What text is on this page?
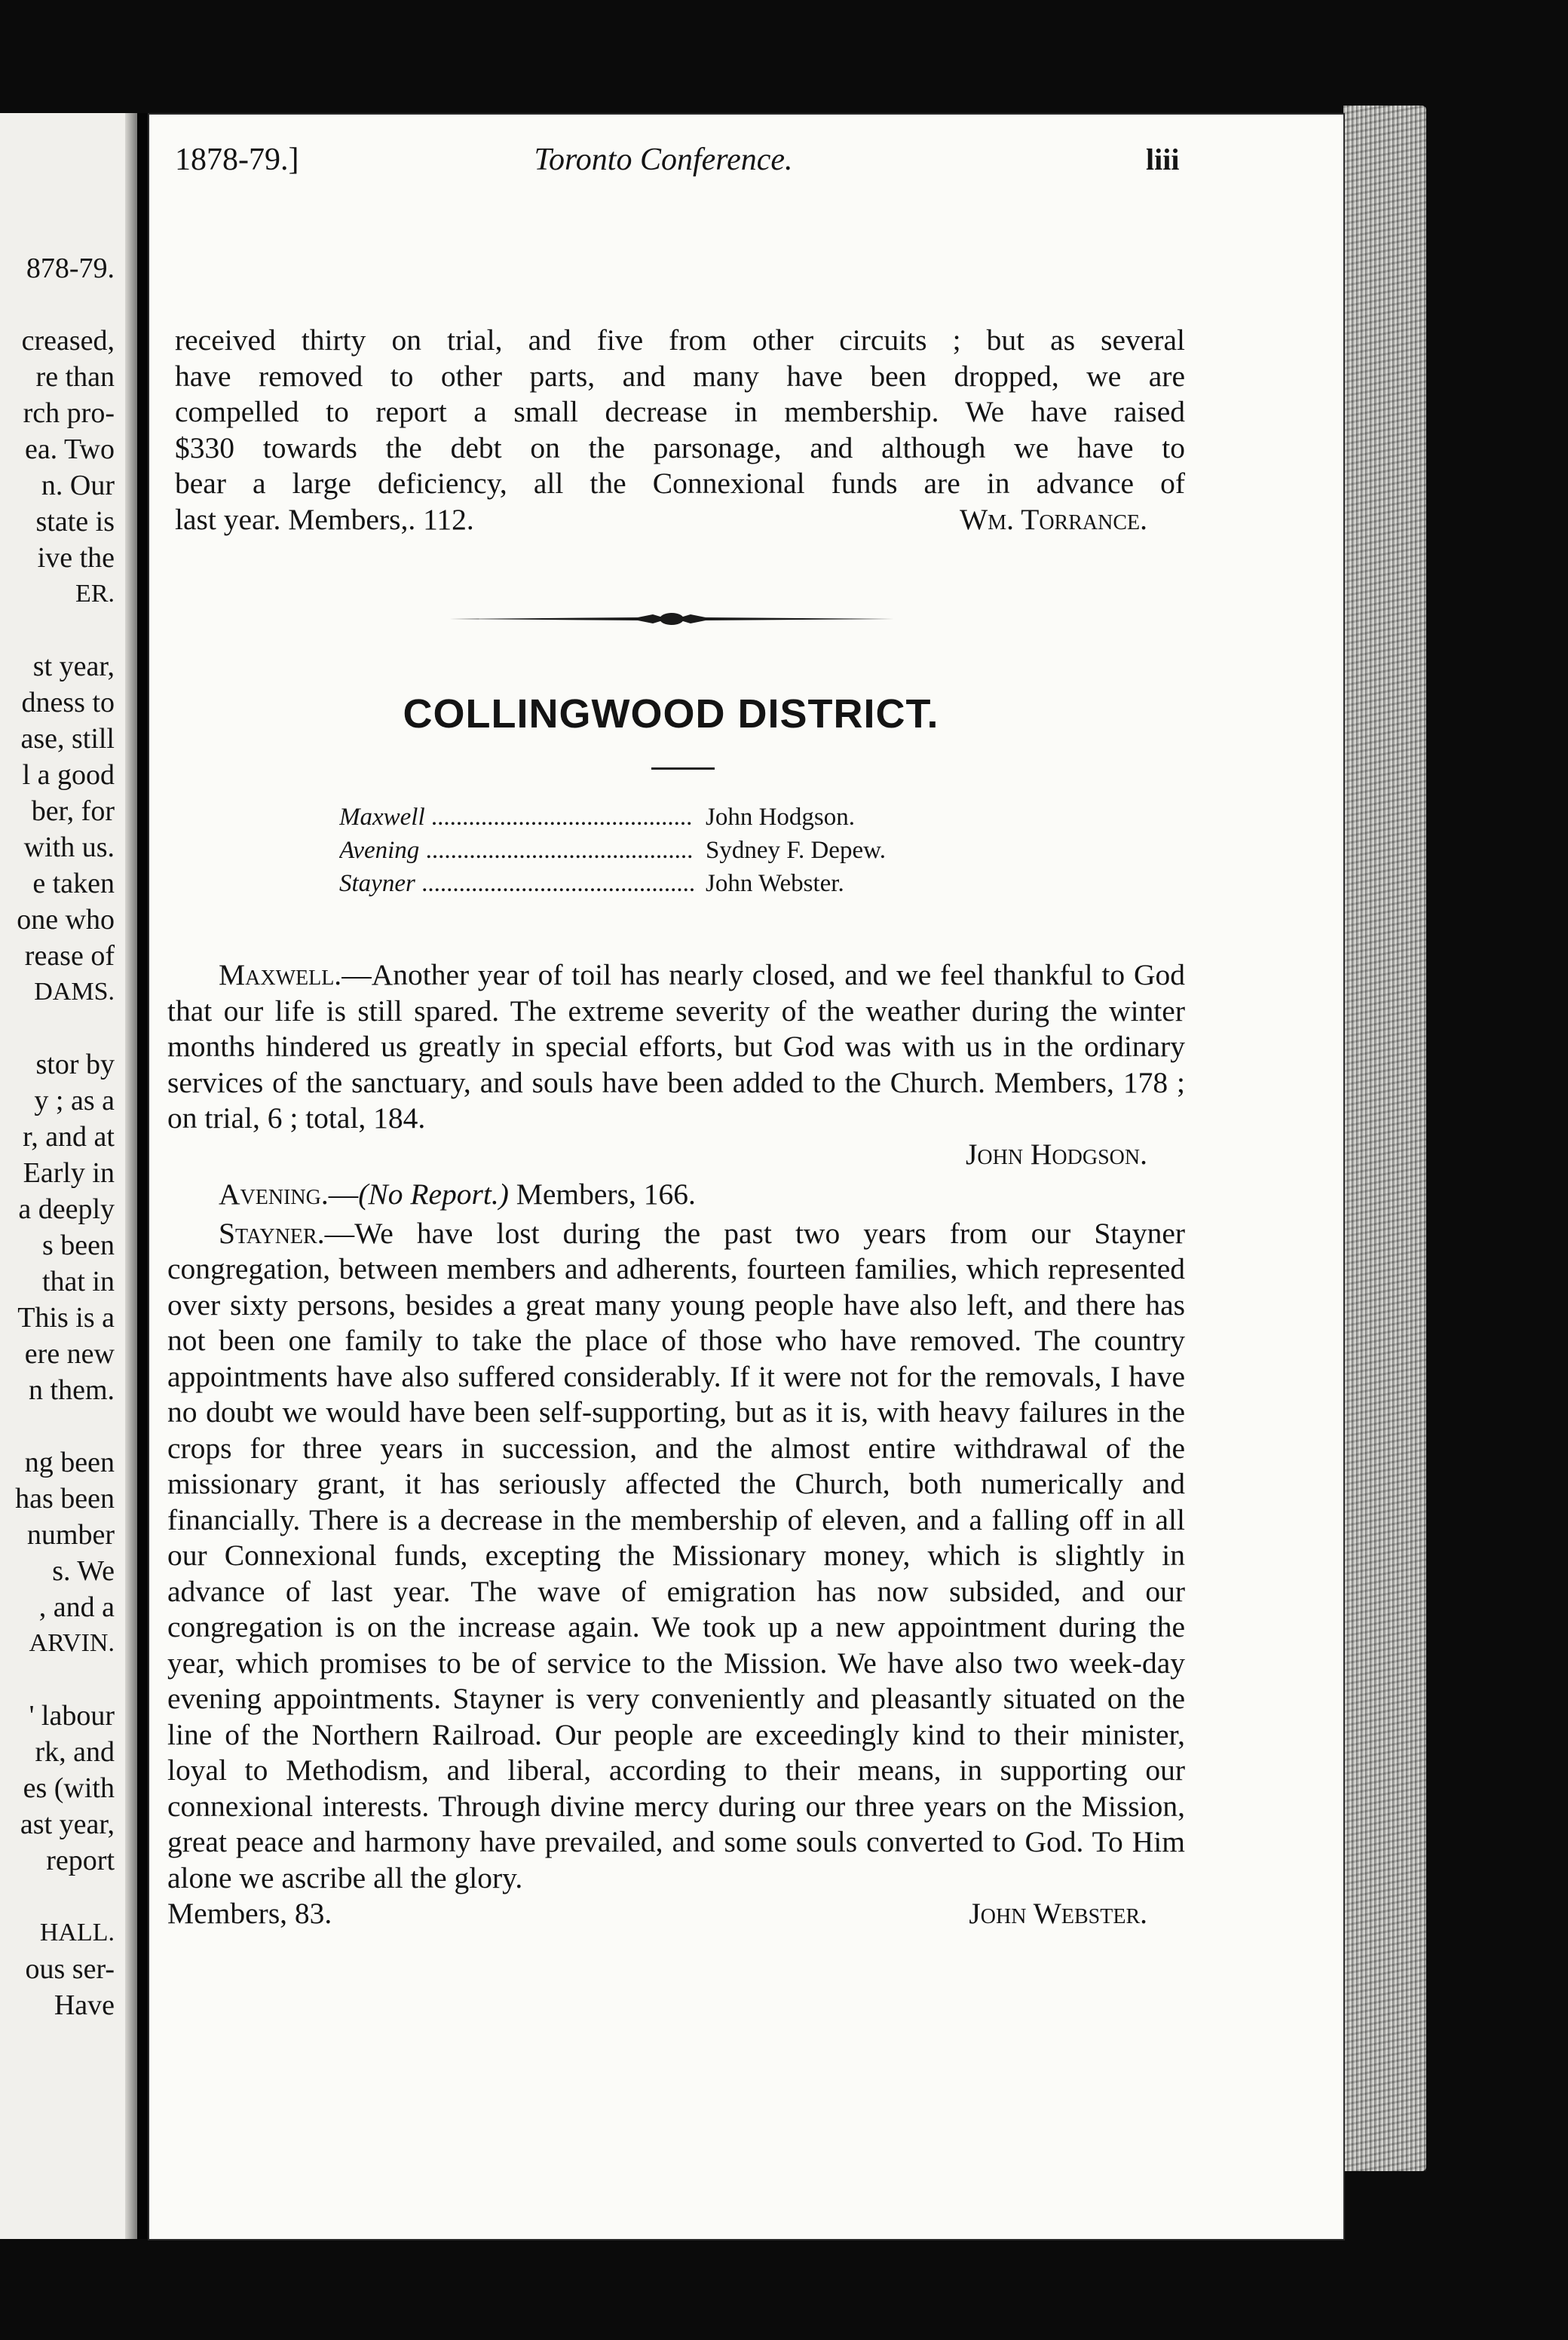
878-79.
creased,
re than
rch pro-
ea. Two
n. Our
state is
ive the
ER.
st year,
dness to
ase, still
l a good
ber, for
with us.
e taken
one who
rease of
DAMS.
stor by
y ; as a
r, and at
Early in
a deeply
s been
that in
This is a
ere new
n them.
ng been
has been
number
s. We
, and a
ARVIN.
' labour
rk, and
es (with
ast year,
report
HALL.
ous ser-
Have
1878-79.]	Toronto Conference.	liii

received thirty on trial, and five from other circuits ; but as several

have removed to other parts, and many have been dropped, we are

compelled to report a small decrease in membership. We have raised

$330 towards the debt on the parsonage, and although we have to

bear a large deficiency, all the Connexional funds are in advance of

last year. Members,. 112.	Wm. Torrance.
COLLINGWOOD DISTRICT.
Maxwell .....	John Hodgson.
Avening .....	Sydney F. Depew.
Stayner .....	John Webster.

Maxwell.—Another year of toil has nearly closed, and we feel thankful to God that our life is still spared. The extreme severity of the weather during the winter months hindered us greatly in special efforts, but God was with us in the ordinary services of the sanctuary, and souls have been added to the Church. Members, 178 ; on trial, 6 ; total, 184.

John Hodgson.

Avening.—(No Report.) Members, 166.

Stayner.—We have lost during the past two years from our Stayner congregation, between members and adherents, fourteen families, which represented over sixty persons, besides a great many young people have also left, and there has not been one family to take the place of those who have removed. The country appointments have also suffered considerably. If it were not for the removals, I have no doubt we would have been self-supporting, but as it is, with heavy failures in the crops for three years in succession, and the almost entire withdrawal of the missionary grant, it has seriously affected the Church, both numerically and financially. There is a decrease in the membership of eleven, and a falling off in all our Connexional funds, excepting the Missionary money, which is slightly in advance of last year. The wave of emigration has now subsided, and our congregation is on the increase again. We took up a new appointment during the year, which promises to be of service to the Mission. We have also two week-day evening appointments. Stayner is very conveniently and pleasantly situated on the line of the Northern Railroad. Our people are exceedingly kind to their minister, loyal to Methodism, and liberal, according to their means, in supporting our connexional interests. Through divine mercy during our three years on the Mission, great peace and harmony have prevailed, and some souls converted to God. To Him alone we ascribe all the glory.

Members, 83.	John Webster.
